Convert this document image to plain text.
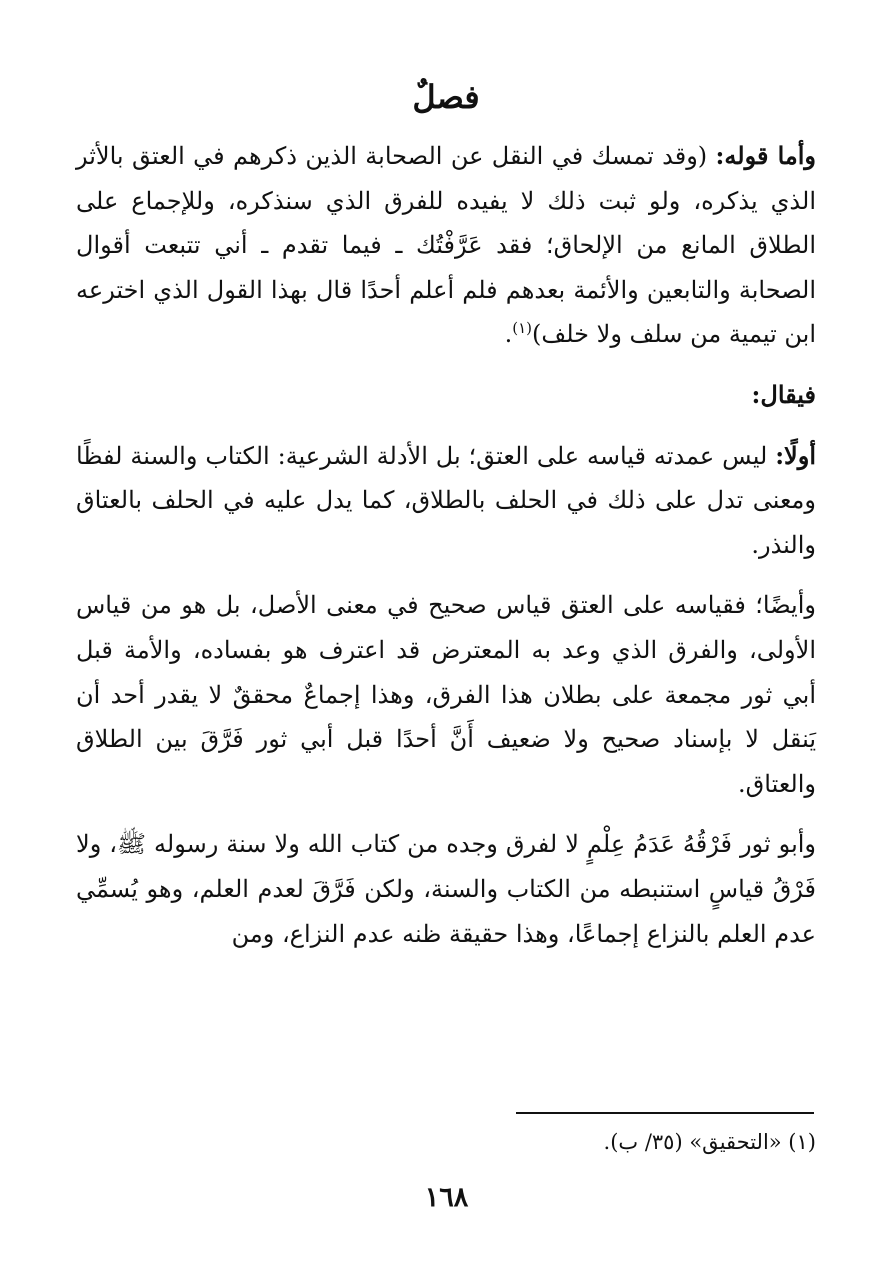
فصلٌ

وأما قوله: (وقد تمسك في النقل عن الصحابة الذين ذكرهم في العتق بالأثر الذي يذكره، ولو ثبت ذلك لا يفيده للفرق الذي سنذكره، وللإجماع على الطلاق المانع من الإلحاق؛ فقد عَرَّفْتُك ـ فيما تقدم ـ أني تتبعت أقوال الصحابة والتابعين والأئمة بعدهم فلم أعلم أحدًا قال بهذا القول الذي اخترعه ابن تيمية من سلف ولا خلف)$^{(١)}$.

فيقال:

أولًا: ليس عمدته قياسه على العتق؛ بل الأدلة الشرعية: الكتاب والسنة لفظًا ومعنى تدل على ذلك في الحلف بالطلاق، كما يدل عليه في الحلف بالعتاق والنذر.

وأيضًا؛ فقياسه على العتق قياس صحيح في معنى الأصل، بل هو من قياس الأولى، والفرق الذي وعد به المعترض قد اعترف هو بفساده، والأمة قبل أبي ثور مجمعة على بطلان هذا الفرق، وهذا إجماعٌ محققٌ لا يقدر أحد أن يَنقل لا بإسناد صحيح ولا ضعيف أَنَّ أحدًا قبل أبي ثور فَرَّقَ بين الطلاق والعتاق.

وأبو ثور فَرْقُهُ عَدَمُ عِلْمٍ لا لفرق وجده من كتاب الله ولا سنة رسوله ﷺ، ولا فَرْقُ قياسٍ استنبطه من الكتاب والسنة، ولكن فَرَّقَ لعدم العلم، وهو يُسمِّي عدم العلم بالنزاع إجماعًا، وهذا حقيقة ظنه عدم النزاع، ومن

(١) «التحقيق» (٣٥/ ب).
١٦٨
